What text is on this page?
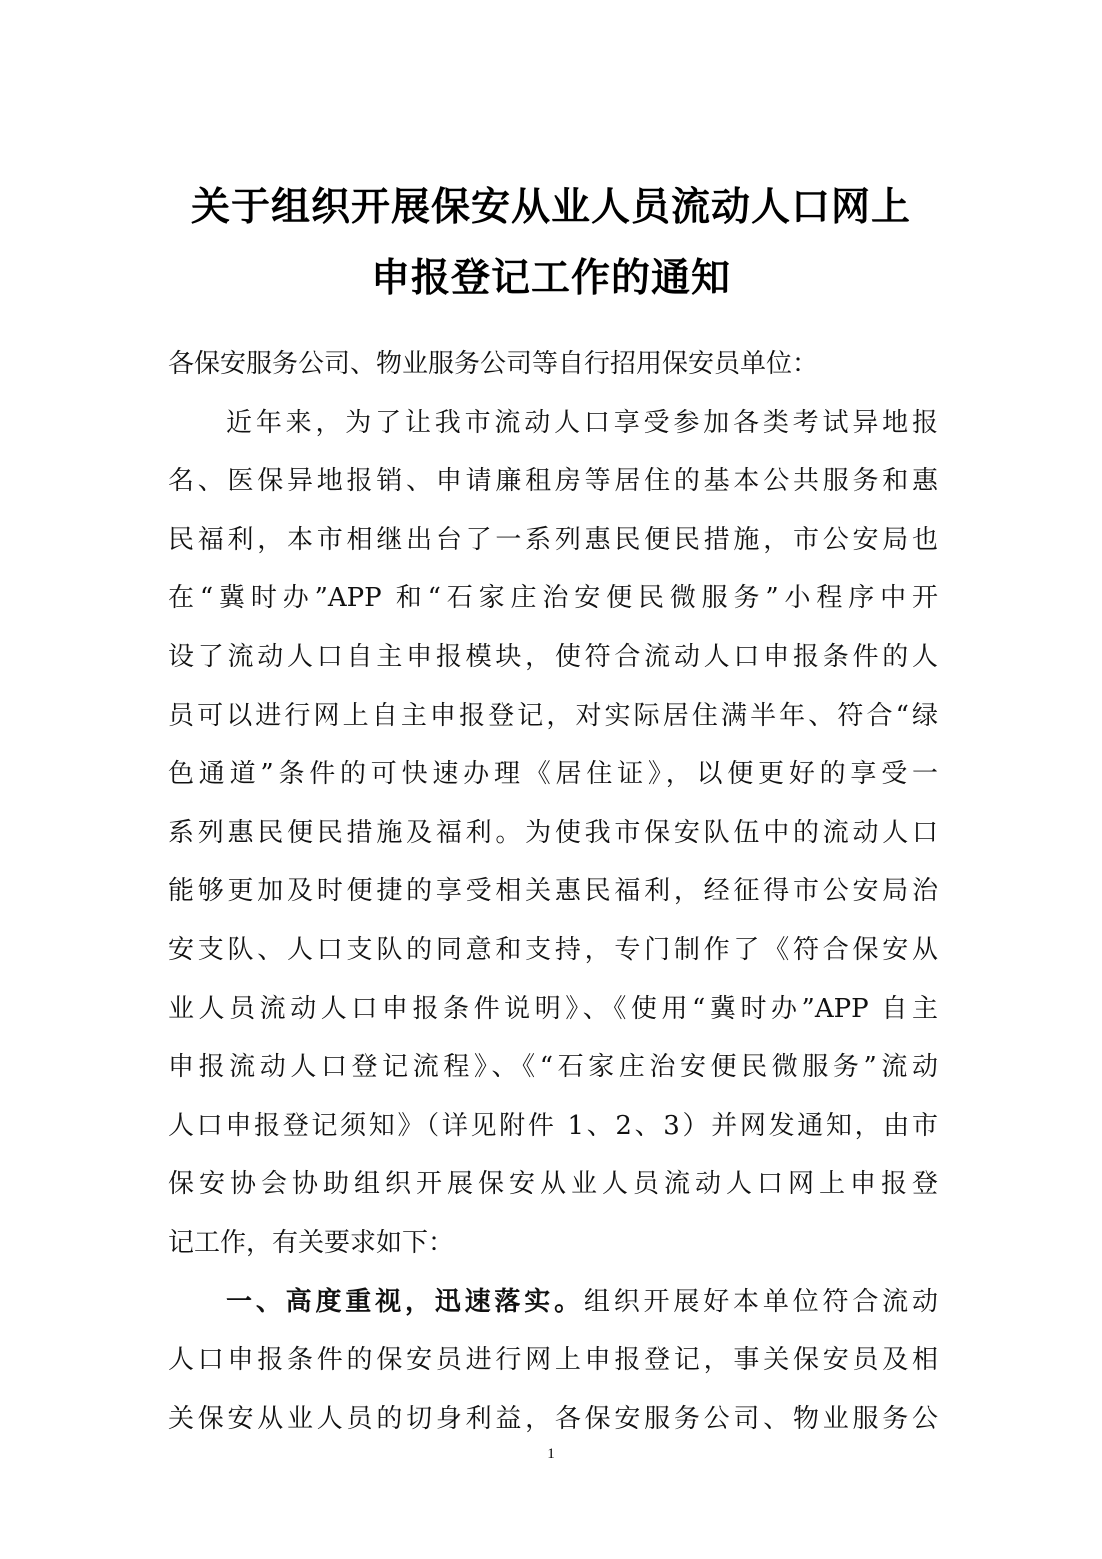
关于组织开展保安从业人员流动人口网上
申报登记工作的通知
各保安服务公司、物业服务公司等自行招用保安员单位：
近年来，为了让我市流动人口享受参加各类考试异地报
名、医保异地报销、申请廉租房等居住的基本公共服务和惠
民福利，本市相继出台了一系列惠民便民措施，市公安局也
在“冀时办”APP 和“石家庄治安便民微服务”小程序中开
设了流动人口自主申报模块，使符合流动人口申报条件的人
员可以进行网上自主申报登记，对实际居住满半年、符合“绿
色通道”条件的可快速办理《居住证》，以便更好的享受一
系列惠民便民措施及福利。为使我市保安队伍中的流动人口
能够更加及时便捷的享受相关惠民福利，经征得市公安局治
安支队、人口支队的同意和支持，专门制作了《符合保安从
业人员流动人口申报条件说明》、《使用“冀时办”APP 自主
申报流动人口登记流程》、《“石家庄治安便民微服务”流动
人口申报登记须知》（详见附件 1、2、3）并网发通知，由市
保安协会协助组织开展保安从业人员流动人口网上申报登
记工作，有关要求如下：
一、高度重视，迅速落实。组织开展好本单位符合流动
人口申报条件的保安员进行网上申报登记，事关保安员及相
关保安从业人员的切身利益，各保安服务公司、物业服务公
1
